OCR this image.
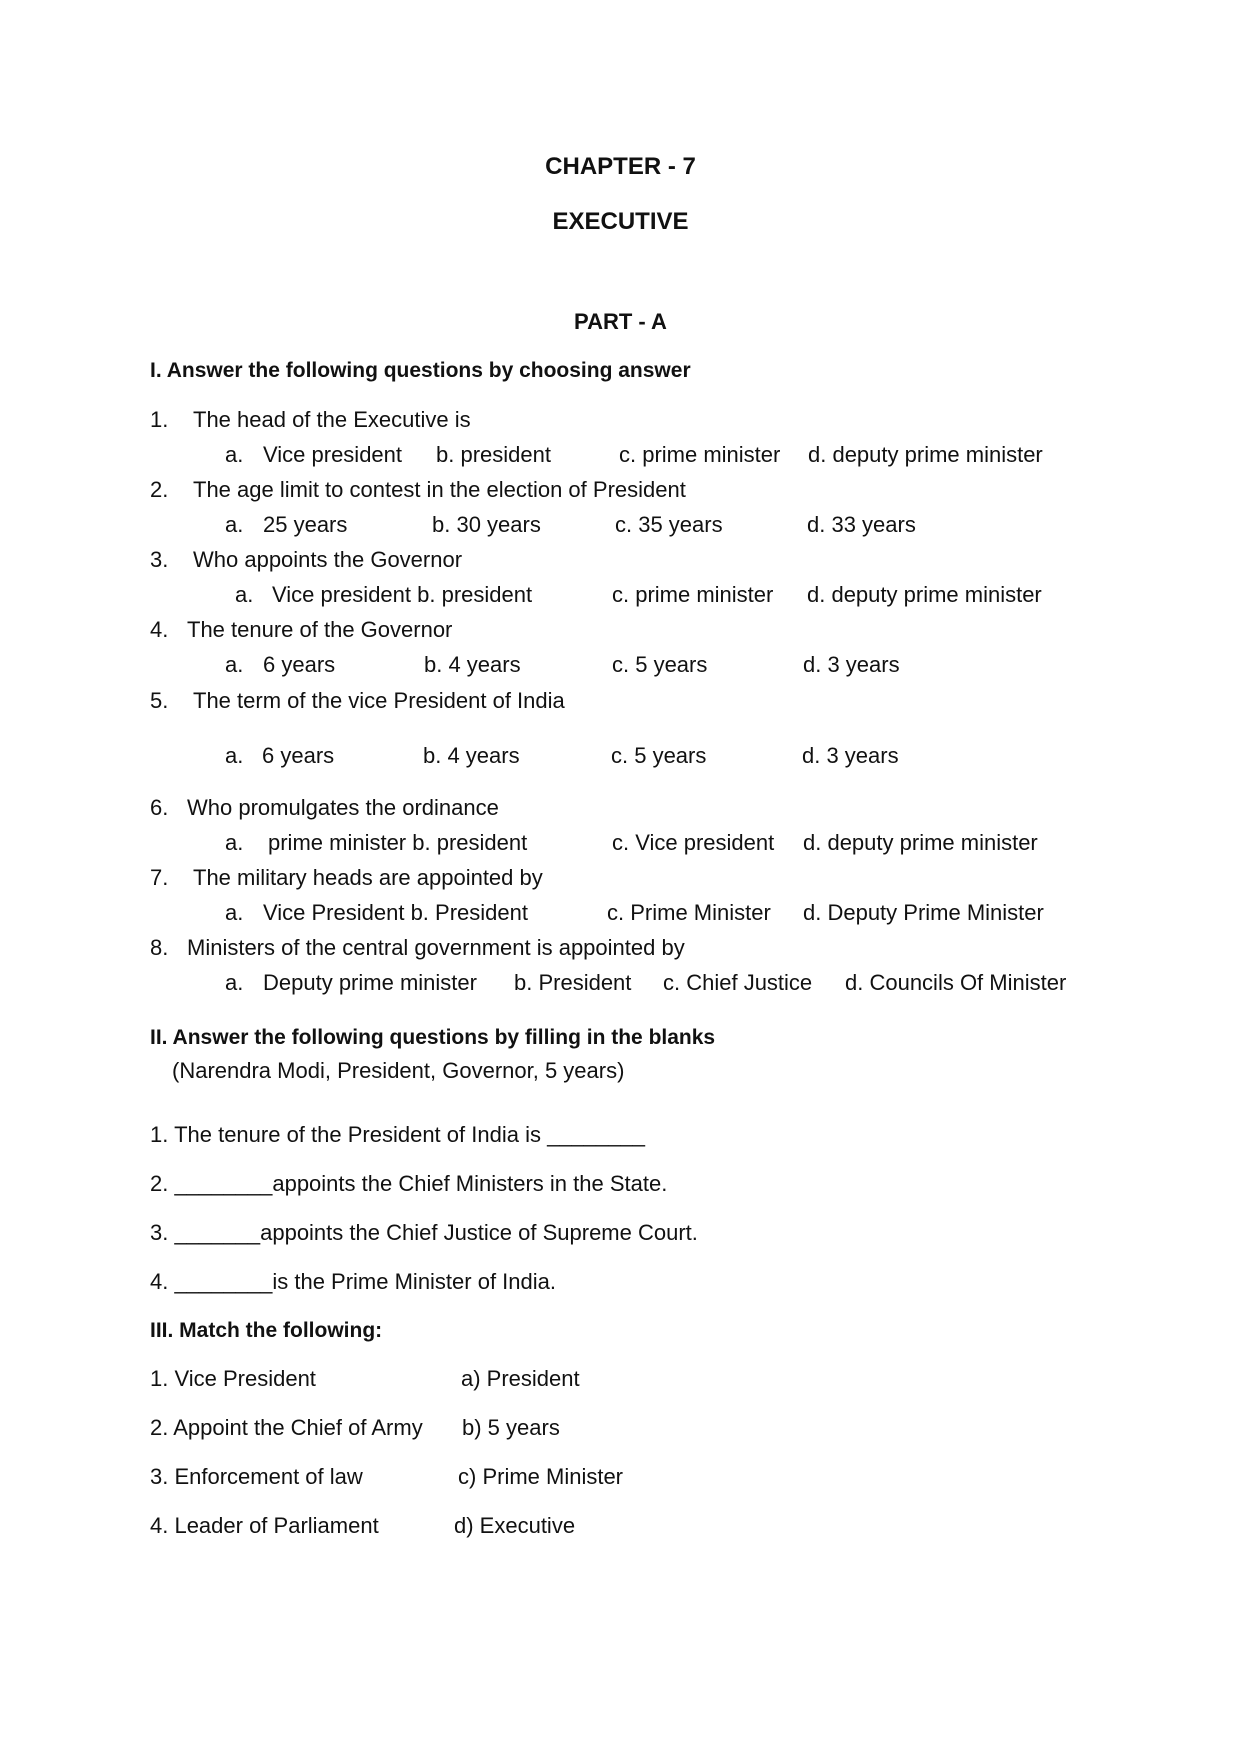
CHAPTER - 7
EXECUTIVE
PART - A
I. Answer the following questions by choosing answer
1. The head of the Executive is
a. Vice president b. president	c. prime minister d. deputy prime minister
2. The age limit to contest in the election of President
a. 25 years	b. 30 years	c. 35 years	d. 33 years
3. Who appoints the Governor
a. Vice president b. president	c. prime minister d. deputy prime minister
4. The tenure of the Governor
a. 6 years	b. 4 years	c. 5 years	d. 3 years
5. The term of the vice President of India
a. 6 years	b. 4 years	c. 5 years	d. 3 years
6. Who promulgates the ordinance
a. prime minister b. president	c. Vice president d. deputy prime minister
7. The military heads are appointed by
a. Vice President b. President	c. Prime Minister d. Deputy Prime Minister
8. Ministers of the central government is appointed by
a. Deputy prime minister b. President c. Chief Justice d. Councils Of Minister
II. Answer the following questions by filling in the blanks
(Narendra Modi, President, Governor, 5 years)
1. The tenure of the President of India is ________
2. ________appoints the Chief Ministers in the State.
3. _______appoints the Chief Justice of Supreme Court.
4. ________is the Prime Minister of India.
III. Match the following:
1. Vice President	a) President
2. Appoint the Chief of Army b) 5 years
3. Enforcement of law	c) Prime Minister
4. Leader of Parliament	d) Executive
